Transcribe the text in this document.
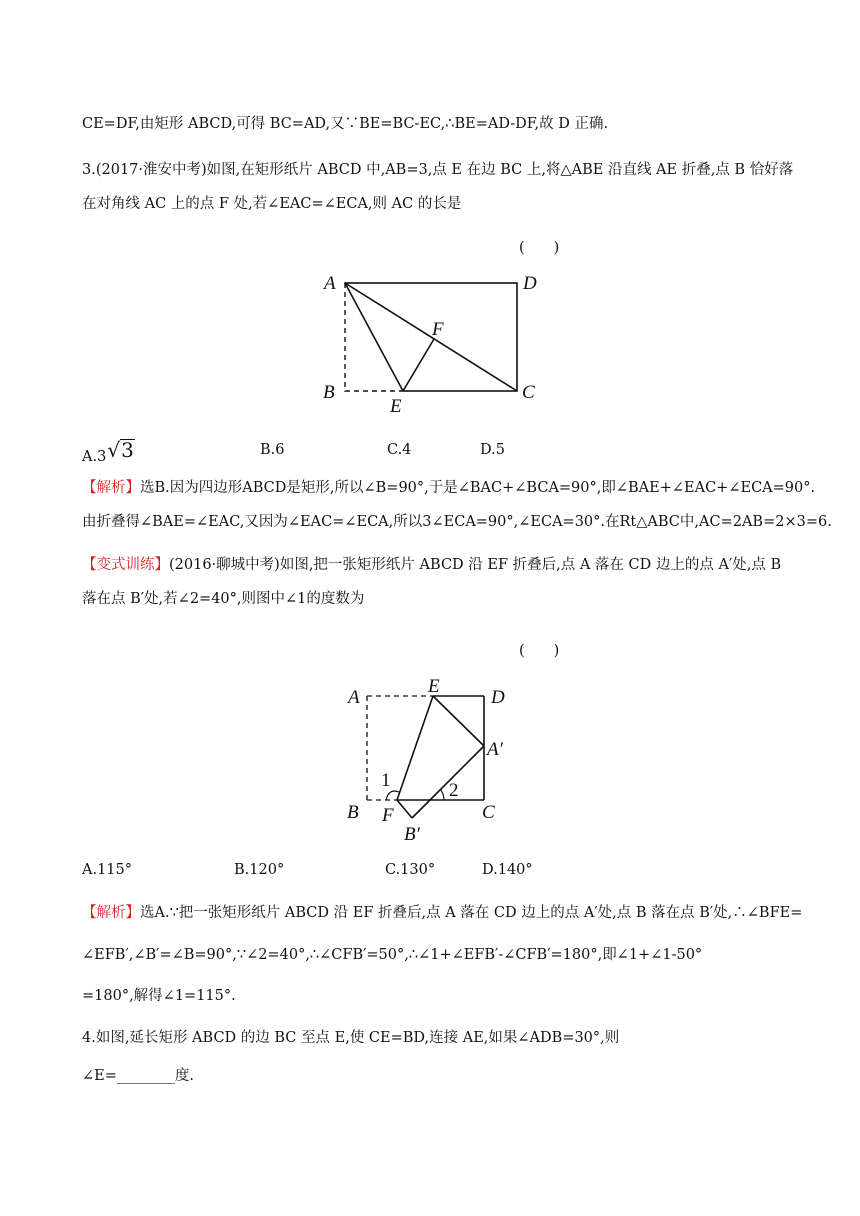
CE=DF,由矩形 ABCD,可得 BC=AD,又∵BE=BC-EC,∴BE=AD-DF,故 D 正确.
3.(2017·淮安中考)如图,在矩形纸片 ABCD 中,AB=3,点 E 在边 BC 上,将△ABE 沿直线 AE 折叠,点 B 恰好落
在对角线 AC 上的点 F 处,若∠EAC=∠ECA,则 AC 的长是
(　　)
A	D
B	C
E
F
A.3√3	B.6	C.4	D.5
【解析】选B.因为四边形ABCD是矩形,所以∠B=90°,于是∠BAC+∠BCA=90°,即∠BAE+∠EAC+∠ECA=90°.
由折叠得∠BAE=∠EAC,又因为∠EAC=∠ECA,所以3∠ECA=90°,∠ECA=30°.在Rt△ABC中,AC=2AB=2×3=6.
【变式训练】(2016·聊城中考)如图,把一张矩形纸片 ABCD 沿 EF 折叠后,点 A 落在 CD 边上的点 A′处,点 B
落在点 B′处,若∠2=40°,则图中∠1的度数为
(　　)
A
E
D
A′
B F	C
B′
1	2
A.115°	B.120°	C.130°	D.140°
【解析】选A.∵把一张矩形纸片 ABCD 沿 EF 折叠后,点 A 落在 CD 边上的点 A′处,点 B 落在点 B′处,∴∠BFE=
∠EFB′,∠B′=∠B=90°,∵∠2=40°,∴∠CFB′=50°,∴∠1+∠EFB′-∠CFB′=180°,即∠1+∠1-50°
=180°,解得∠1=115°.
4.如图,延长矩形 ABCD 的边 BC 至点 E,使 CE=BD,连接 AE,如果∠ADB=30°,则
∠E=________度.
